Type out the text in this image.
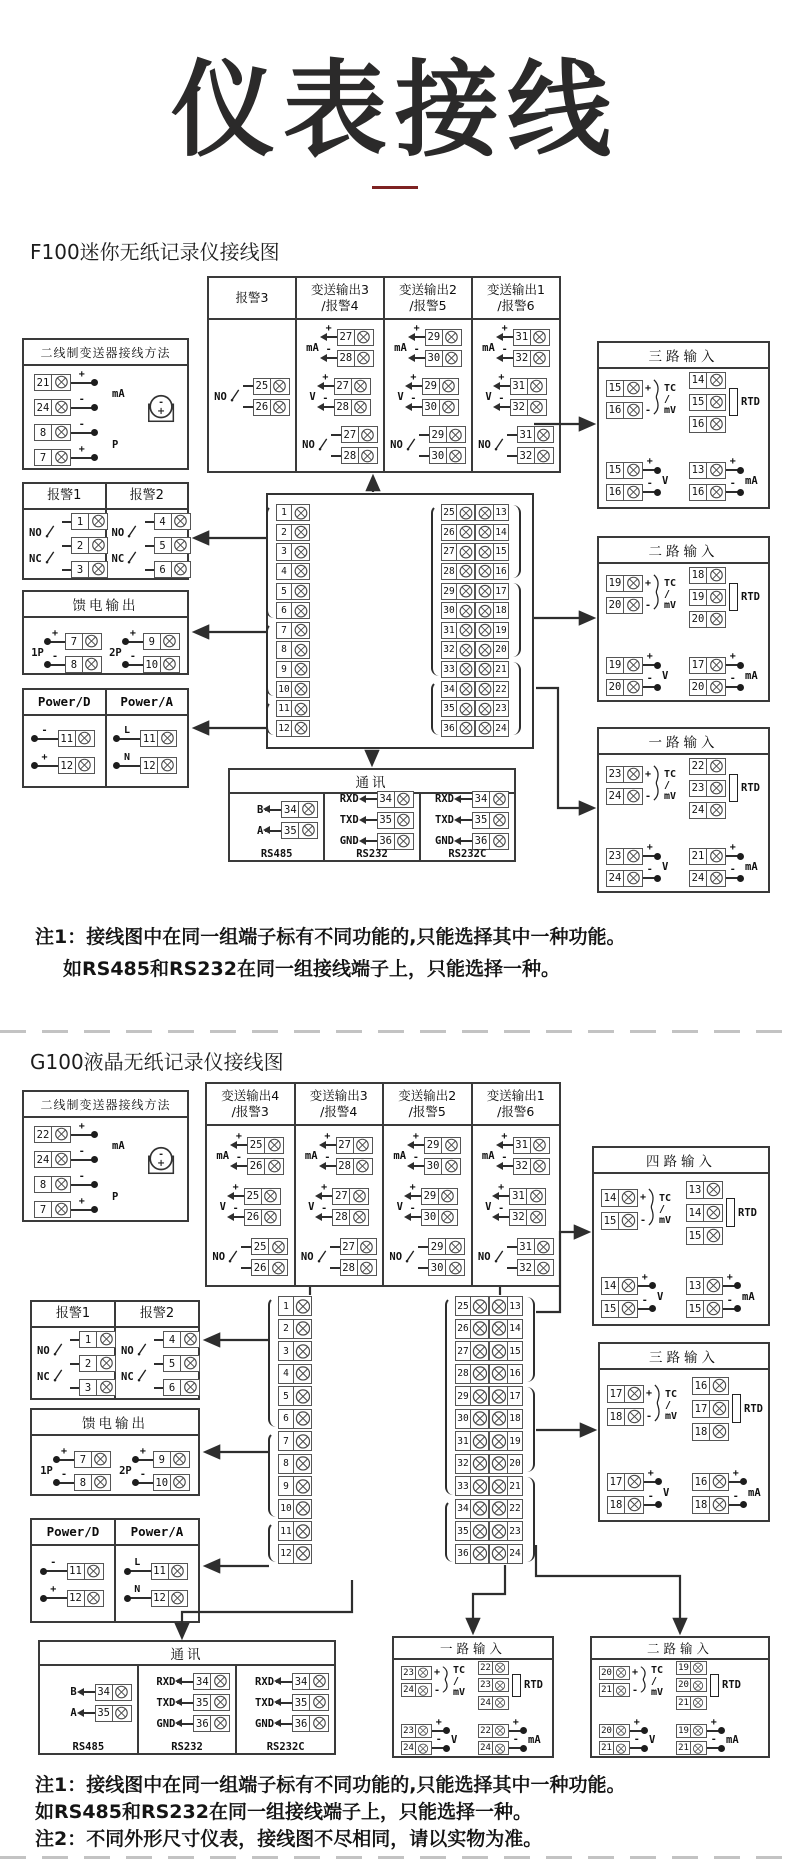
仪表接线
F100迷你无纸记录仪接线图
G100液晶无纸记录仪接线图
注1：接线图中在同一组端子标有不同功能的,只能选择其中一种功能。
如RS485和RS232在同一组接线端子上，只能选择一种。
注1：接线图中在同一组端子标有不同功能的,只能选择其中一种功能。
如RS485和RS232在同一组接线端子上，只能选择一种。
注2：不同外形尺寸仪表，接线图不尽相同，请以实物为准。
报警3
变送输出3
/报警4
变送输出2
/报警5
变送输出1
/报警6
NO
25
26
mA
+
27
-
28
V
+
27
-
28
NO
27
28
mA
+
29
-
30
V
+
29
-
30
NO
29
30
mA
+
31
-
32
V
+
31
-
32
NO
31
32
二线制变送器接线方法
21
+
24
-
8
-
7
+
mA
P
-
+
报警1	报警2
NO
NC
1
2
3
NO
NC
4
5
6
馈电输出
1P
+
7
-
8
2P
+
9
-
10
Power/D	Power/A
-
11
+
12
L
11
N
12
1
2
3
4
5
6
7
8
9
10
11
12
25	13
26	14
27	15
28	16
29	17
30	18
31	19
32	20
33	21
34	22
35	23
36	24
三路输入
15 +
16 -
TC
/
mV
14
15
16
RTD
15
+
16
- V
13
+
16
- mA
二路输入
19 +
20 -
TC
/
mV
18
19
20
RTD
19
+
20
- V
17
+
20
- mA
一路输入
23 +
24 -
TC
/
mV
22
23
24
RTD
23
+
24
- V
21
+
24
- mA
通讯
B 34
A 35
RS485
RXD 34
TXD 35
GND 36
RS232
RXD 34
TXD 35
GND 36
RS232C
变送输出4
/报警3
变送输出3
/报警4
变送输出2
/报警5
变送输出1
/报警6
mA
+
25
-
26
V
+
25
-
26
NO
25
26
mA
+
27
-
28
V
+
27
-
28
NO
27
28
mA
+
29
-
30
V
+
29
-
30
NO
29
30
mA
+
31
-
32
V
+
31
-
32
NO
31
32
二线制变送器接线方法
22
+
24
-
8
-
7
+
mA
P
-
+
报警1	报警2
NO
NC
1
2
3
NO
NC
4
5
6
馈电输出
1P
+
7
-
8
2P
+
9
-
10
Power/D	Power/A
-
11
+
12
L
11
N
12
1
2
3
4
5
6
7
8
9
10
11
12
25	13
26	14
27	15
28	16
29	17
30	18
31	19
32	20
33	21
34	22
35	23
36	24
四路输入
14 +
15 -
TC
/
mV
13
14
15
RTD
14
+
15
- V
13
+
15
- mA
三路输入
17 +
18 -
TC
/
mV
16
17
18
RTD
17
+
18
- V
16
+
18
- mA
二路输入
20 +
21 -
TC
/
mV
19
20
21
RTD
20
+
21
- V
19
+
21
- mA
一路输入
23 +
24 -
TC
/
mV
22
23
24
RTD
23
+
24
- V
22
+
24
- mA
通讯
B 34
A 35
RS485
RXD 34
TXD 35
GND 36
RS232
RXD 34
TXD 35
GND 36
RS232C
